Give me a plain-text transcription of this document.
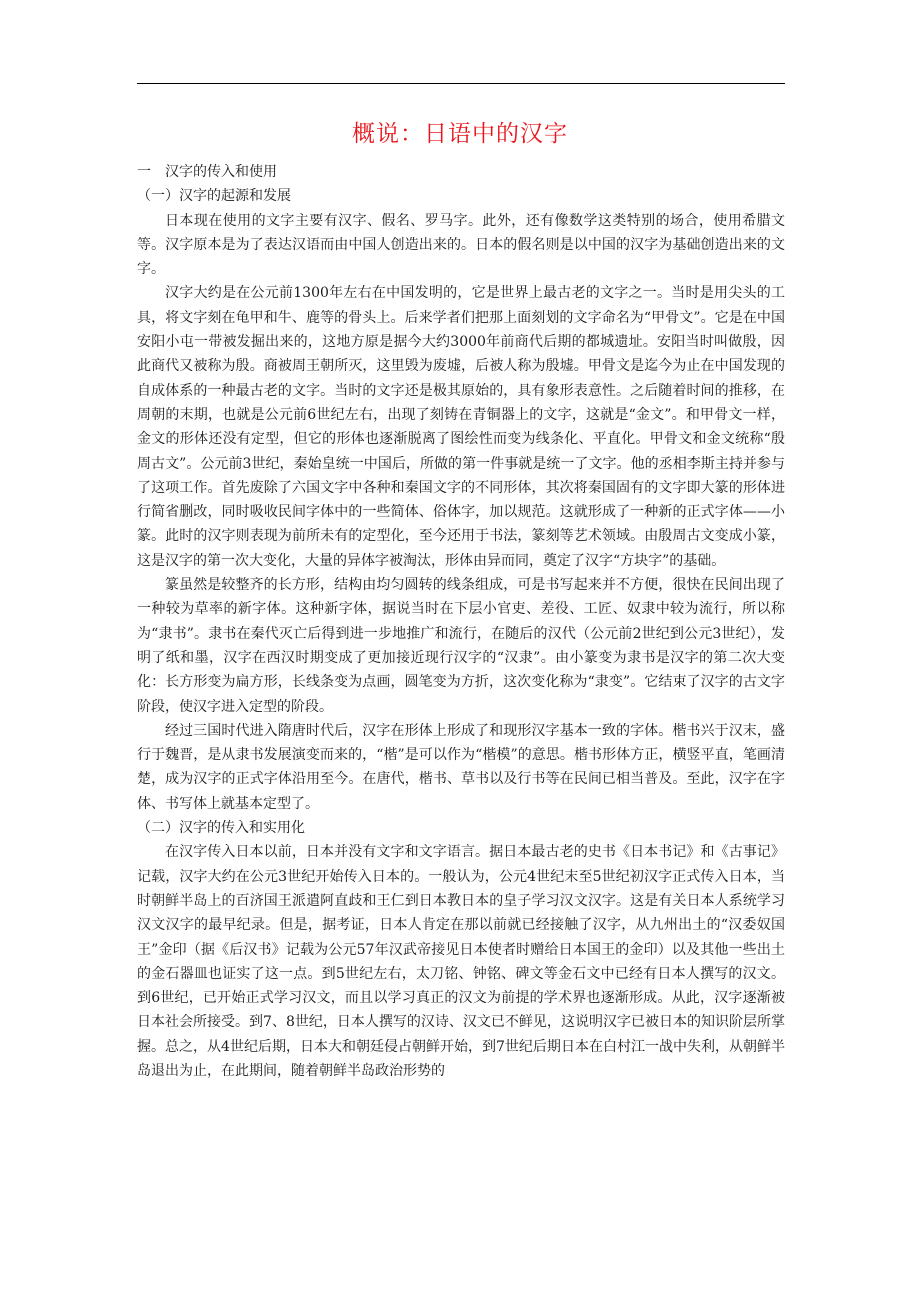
概说：日语中的汉字

一　汉字的传入和使用

（一）汉字的起源和发展

日本现在使用的文字主要有汉字、假名、罗马字。此外，还有像数学这类特别的场合，使用希腊文等。汉字原本是为了表达汉语而由中国人创造出来的。日本的假名则是以中国的汉字为基础创造出来的文字。

汉字大约是在公元前1300年左右在中国发明的，它是世界上最古老的文字之一。当时是用尖头的工具，将文字刻在龟甲和牛、鹿等的骨头上。后来学者们把那上面刻划的文字命名为“甲骨文”。它是在中国安阳小屯一带被发掘出来的，这地方原是据今大约3000年前商代后期的都城遗址。安阳当时叫做殷，因此商代又被称为殷。商被周王朝所灭，这里毁为废墟，后被人称为殷墟。甲骨文是迄今为止在中国发现的自成体系的一种最古老的文字。当时的文字还是极其原始的，具有象形表意性。之后随着时间的推移，在周朝的末期，也就是公元前6世纪左右，出现了刻铸在青铜器上的文字，这就是“金文”。和甲骨文一样，金文的形体还没有定型，但它的形体也逐渐脱离了图绘性而变为线条化、平直化。甲骨文和金文统称“殷周古文”。公元前3世纪，秦始皇统一中国后，所做的第一件事就是统一了文字。他的丞相李斯主持并参与了这项工作。首先废除了六国文字中各种和秦国文字的不同形体，其次将秦国固有的文字即大篆的形体进行简省删改，同时吸收民间字体中的一些简体、俗体字，加以规范。这就形成了一种新的正式字体——小篆。此时的汉字则表现为前所未有的定型化，至今还用于书法，篆刻等艺术领域。由殷周古文变成小篆，这是汉字的第一次大变化，大量的异体字被淘汰，形体由异而同，奠定了汉字“方块字”的基础。

篆虽然是较整齐的长方形，结构由均匀圆转的线条组成，可是书写起来并不方便，很快在民间出现了一种较为草率的新字体。这种新字体，据说当时在下层小官吏、差役、工匠、奴隶中较为流行，所以称为“隶书”。隶书在秦代灭亡后得到进一步地推广和流行，在随后的汉代（公元前2世纪到公元3世纪），发明了纸和墨，汉字在西汉时期变成了更加接近现行汉字的“汉隶”。由小篆变为隶书是汉字的第二次大变化：长方形变为扁方形，长线条变为点画，圆笔变为方折，这次变化称为“隶变”。它结束了汉字的古文字阶段，使汉字进入定型的阶段。

经过三国时代进入隋唐时代后，汉字在形体上形成了和现形汉字基本一致的字体。楷书兴于汉末，盛行于魏晋，是从隶书发展演变而来的，“楷”是可以作为“楷模”的意思。楷书形体方正，横竖平直，笔画清楚，成为汉字的正式字体沿用至今。在唐代，楷书、草书以及行书等在民间已相当普及。至此，汉字在字体、书写体上就基本定型了。

（二）汉字的传入和实用化

在汉字传入日本以前，日本并没有文字和文字语言。据日本最古老的史书《日本书记》和《古事记》记载，汉字大约在公元3世纪开始传入日本的。一般认为，公元4世纪末至5世纪初汉字正式传入日本，当时朝鲜半岛上的百济国王派遣阿直歧和王仁到日本教日本的皇子学习汉文汉字。这是有关日本人系统学习汉文汉字的最早纪录。但是，据考证，日本人肯定在那以前就已经接触了汉字，从九州出土的“汉委奴国王”金印（据《后汉书》记载为公元57年汉武帝接见日本使者时赠给日本国王的金印）以及其他一些出土的金石器皿也证实了这一点。到5世纪左右，太刀铭、钟铭、碑文等金石文中已经有日本人撰写的汉文。到6世纪，已开始正式学习汉文，而且以学习真正的汉文为前提的学术界也逐渐形成。从此，汉字逐渐被日本社会所接受。到7、8世纪，日本人撰写的汉诗、汉文已不鲜见，这说明汉字已被日本的知识阶层所掌握。总之，从4世纪后期，日本大和朝廷侵占朝鲜开始，到7世纪后期日本在白村江一战中失利，从朝鲜半岛退出为止，在此期间，随着朝鲜半岛政治形势的
